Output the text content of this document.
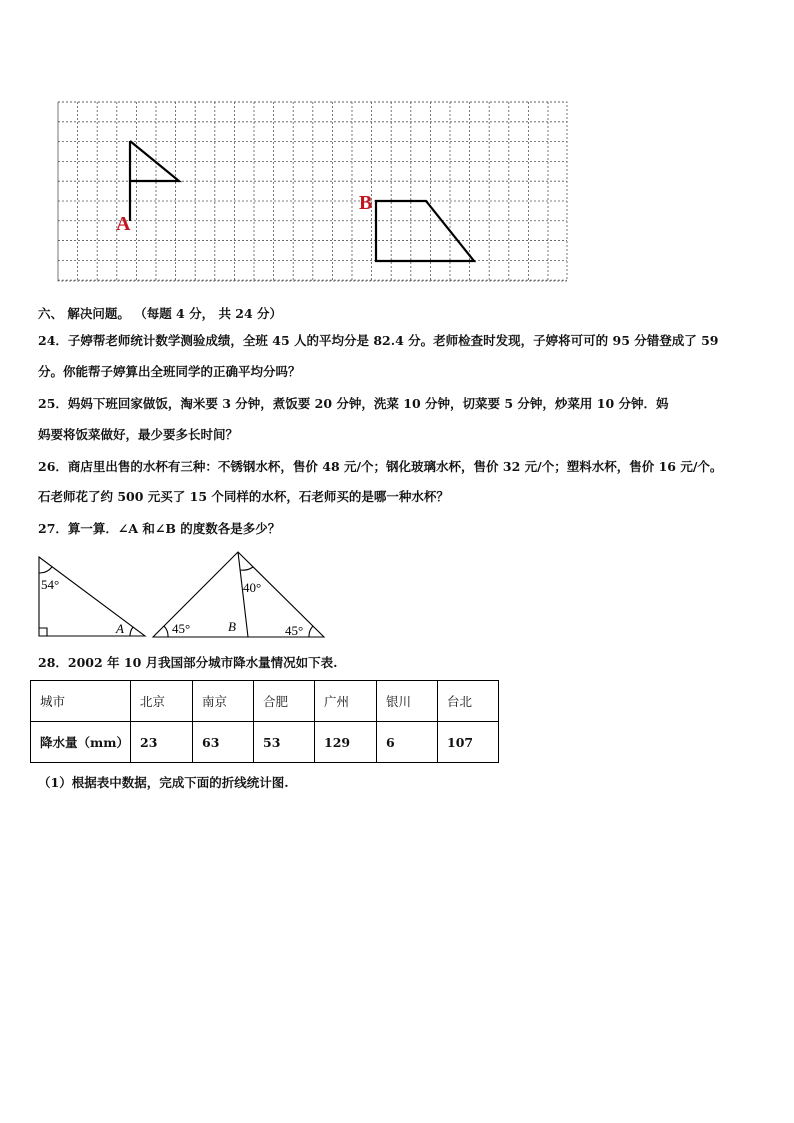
A
B
六、 解决问题。 （每题 4 分， 共 24 分）
24．子婷帮老师统计数学测验成绩，全班 45 人的平均分是 82.4 分。老师检查时发现，子婷将可可的 95 分错登成了 59
分。你能帮子婷算出全班同学的正确平均分吗？
25．妈妈下班回家做饭，淘米要 3 分钟，煮饭要 20 分钟，洗菜 10 分钟，切菜要 5 分钟，炒菜用 10 分钟．妈
妈要将饭菜做好，最少要多长时间？
26．商店里出售的水杯有三种：不锈钢水杯，售价 48 元/个；钢化玻璃水杯，售价 32 元/个；塑料水杯，售价 16 元/个。
石老师花了约 500 元买了 15 个同样的水杯，石老师买的是哪一种水杯？
27．算一算．∠A 和∠B 的度数各是多少？
54°
A
40°
45°	45°
B
28．2002 年 10 月我国部分城市降水量情况如下表.
城市	北京	南京	合肥	广州	银川	台北
降水量（mm）	23	63	53	129	6	107
（1）根据表中数据，完成下面的折线统计图.
